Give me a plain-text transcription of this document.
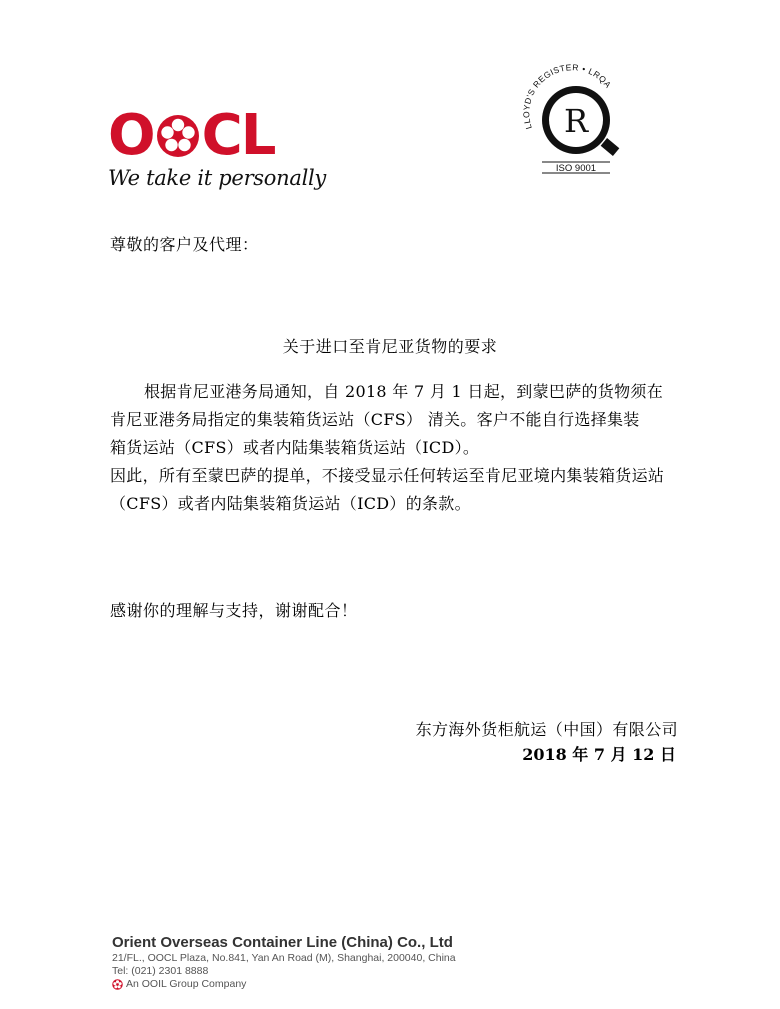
O C L
We take it personally
LLOYD'S REGISTER • LRQA
R
ISO 9001
尊敬的客户及代理：
关于进口至肯尼亚货物的要求
根据肯尼亚港务局通知，自 2018 年 7 月 1 日起，到蒙巴萨的货物须在
肯尼亚港务局指定的集装箱货运站（CFS） 清关。客户不能自行选择集装
箱货运站（CFS）或者内陆集装箱货运站（ICD）。
因此，所有至蒙巴萨的提单，不接受显示任何转运至肯尼亚境内集装箱货运站（CFS）或者内陆集装箱货运站（ICD）的条款。
感谢你的理解与支持，谢谢配合！
东方海外货柜航运（中国）有限公司
2018 年 7 月 12 日
Orient Overseas Container Line (China) Co., Ltd
21/FL., OOCL Plaza, No.841, Yan An Road (M), Shanghai, 200040, China
Tel: (021) 2301 8888
An OOIL Group Company
